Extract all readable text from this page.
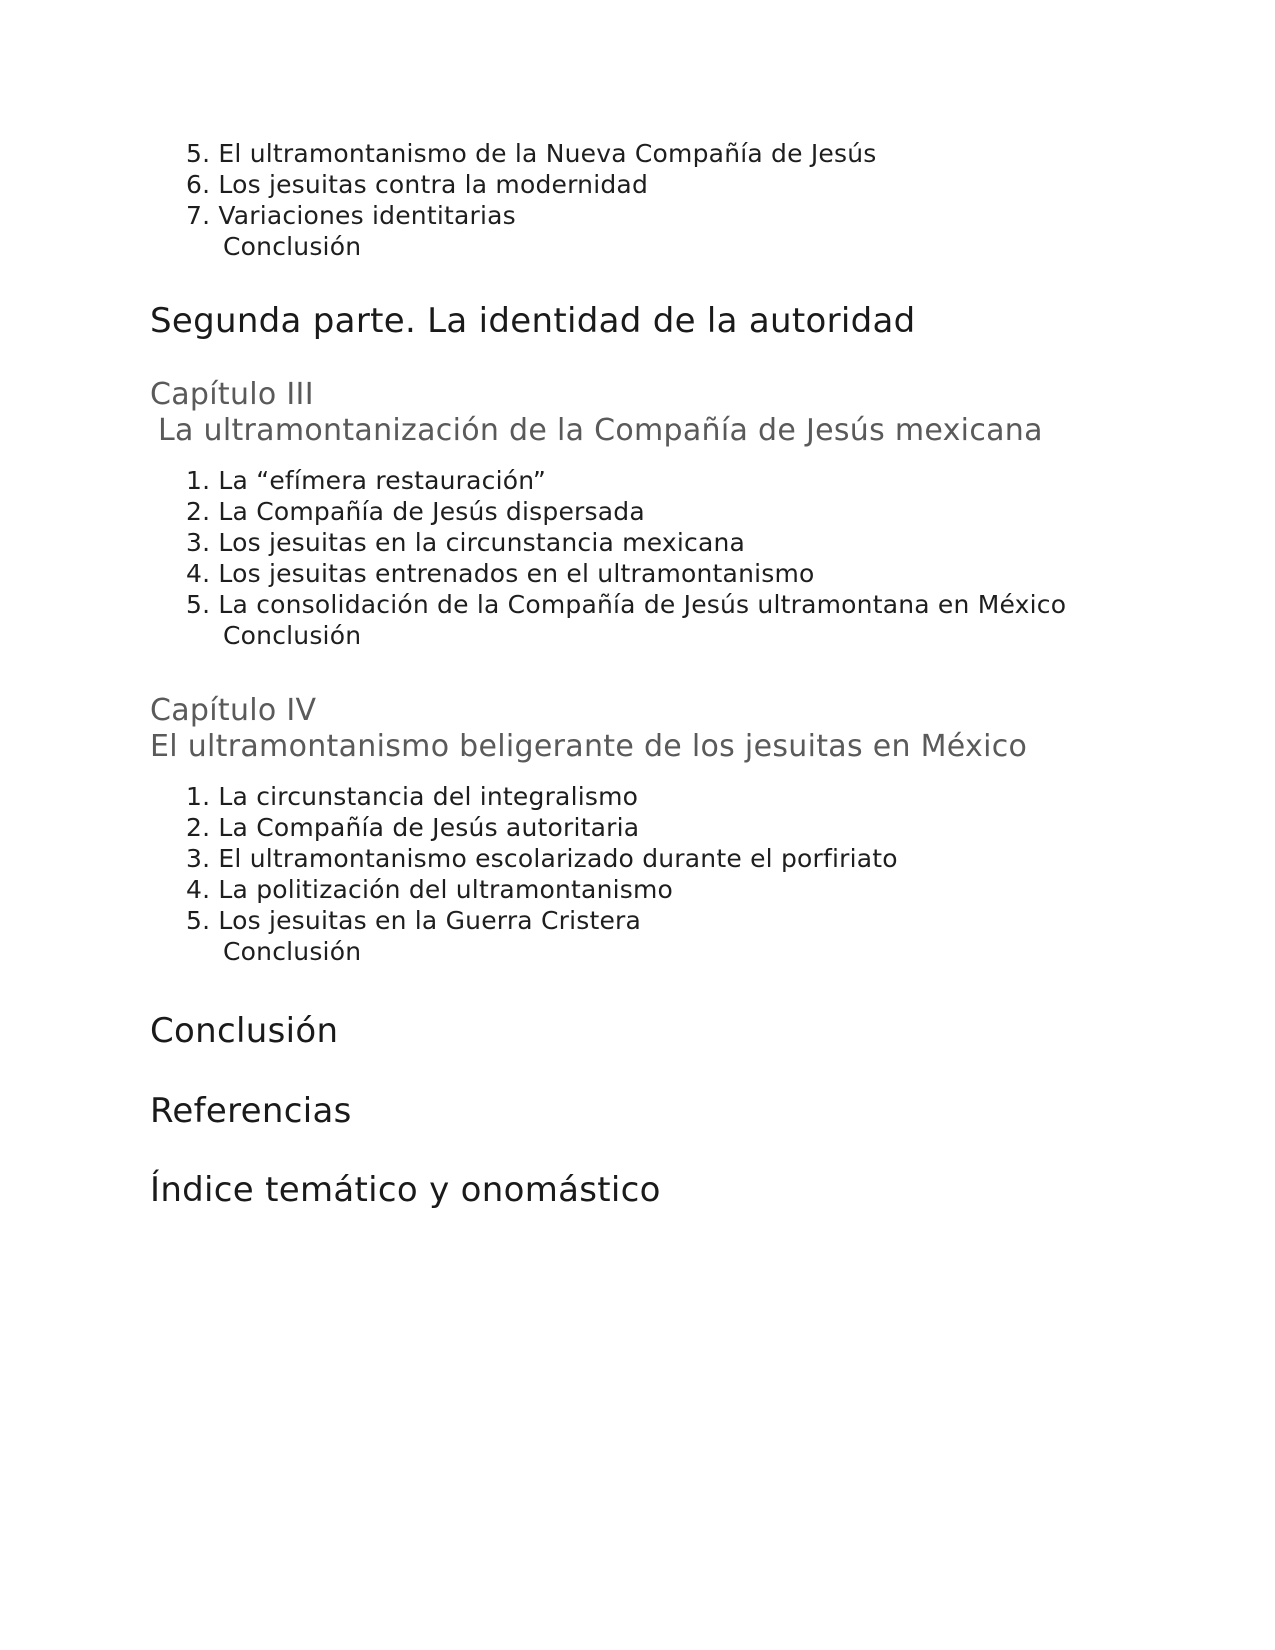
5. El ultramontanismo de la Nueva Compañía de Jesús

6. Los jesuitas contra la modernidad

7. Variaciones identitarias

Conclusión

Segunda parte. La identidad de la autoridad
Capítulo III
La ultramontanización de la Compañía de Jesús mexicana

1. La “efímera restauración”

2. La Compañía de Jesús dispersada

3. Los jesuitas en la circunstancia mexicana

4. Los jesuitas entrenados en el ultramontanismo

5. La consolidación de la Compañía de Jesús ultramontana en México

Conclusión

Capítulo IV
El ultramontanismo beligerante de los jesuitas en México

1. La circunstancia del integralismo

2. La Compañía de Jesús autoritaria

3. El ultramontanismo escolarizado durante el porfiriato

4. La politización del ultramontanismo

5. Los jesuitas en la Guerra Cristera

Conclusión

Conclusión
Referencias
Índice temático y onomástico
